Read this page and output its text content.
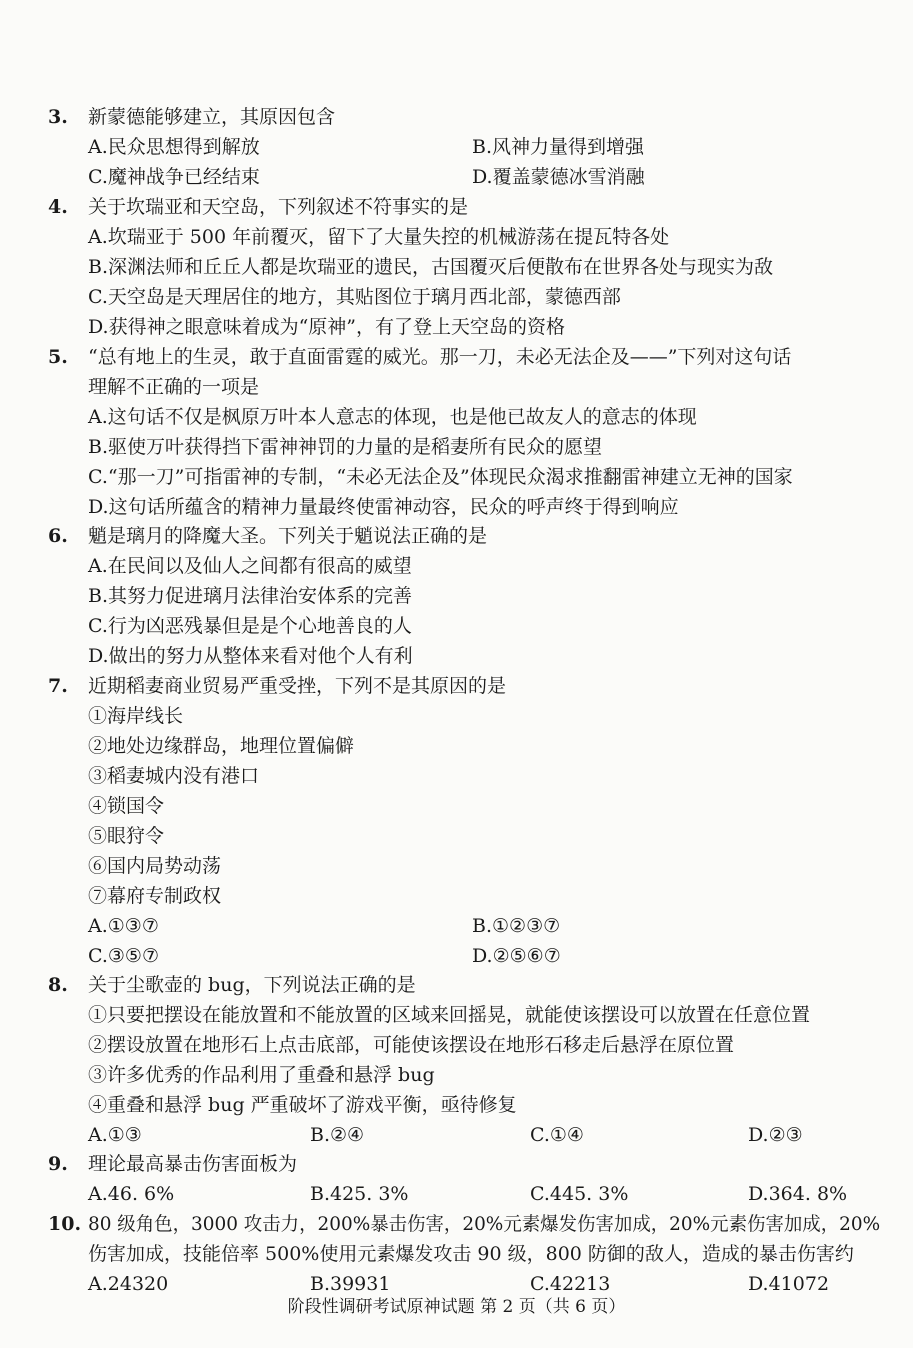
3. 新蒙德能够建立，其原因包含
A.民众思想得到解放	B.风神力量得到增强
C.魔神战争已经结束	D.覆盖蒙德冰雪消融
4. 关于坎瑞亚和天空岛，下列叙述不符事实的是
A.坎瑞亚于 500 年前覆灭，留下了大量失控的机械游荡在提瓦特各处
B.深渊法师和丘丘人都是坎瑞亚的遗民，古国覆灭后便散布在世界各处与现实为敌
C.天空岛是天理居住的地方，其贴图位于璃月西北部，蒙德西部
D.获得神之眼意味着成为“原神”，有了登上天空岛的资格
5. “总有地上的生灵，敢于直面雷霆的威光。那一刀，未必无法企及——”下列对这句话
理解不正确的一项是
A.这句话不仅是枫原万叶本人意志的体现，也是他已故友人的意志的体现
B.驱使万叶获得挡下雷神神罚的力量的是稻妻所有民众的愿望
C.“那一刀”可指雷神的专制，“未必无法企及”体现民众渴求推翻雷神建立无神的国家
D.这句话所蕴含的精神力量最终使雷神动容，民众的呼声终于得到响应
6. 魈是璃月的降魔大圣。下列关于魈说法正确的是
A.在民间以及仙人之间都有很高的威望
B.其努力促进璃月法律治安体系的完善
C.行为凶恶残暴但是是个心地善良的人
D.做出的努力从整体来看对他个人有利
7. 近期稻妻商业贸易严重受挫，下列不是其原因的是
①海岸线长
②地处边缘群岛，地理位置偏僻
③稻妻城内没有港口
④锁国令
⑤眼狩令
⑥国内局势动荡
⑦幕府专制政权
A.①③⑦	B.①②③⑦
C.③⑤⑦	D.②⑤⑥⑦
8. 关于尘歌壶的 bug，下列说法正确的是
①只要把摆设在能放置和不能放置的区域来回摇晃，就能使该摆设可以放置在任意位置
②摆设放置在地形石上点击底部，可能使该摆设在地形石移走后悬浮在原位置
③许多优秀的作品利用了重叠和悬浮 bug
④重叠和悬浮 bug 严重破坏了游戏平衡，亟待修复
A.①③	B.②④	C.①④	D.②③
9. 理论最高暴击伤害面板为
A.46. 6%	B.425. 3%	C.445. 3%	D.364. 8%
10. 80 级角色，3000 攻击力，200%暴击伤害，20%元素爆发伤害加成，20%元素伤害加成，20%
伤害加成，技能倍率 500%使用元素爆发攻击 90 级，800 防御的敌人，造成的暴击伤害约
A.24320	B.39931	C.42213	D.41072
阶段性调研考试原神试题 第 2 页（共 6 页）
